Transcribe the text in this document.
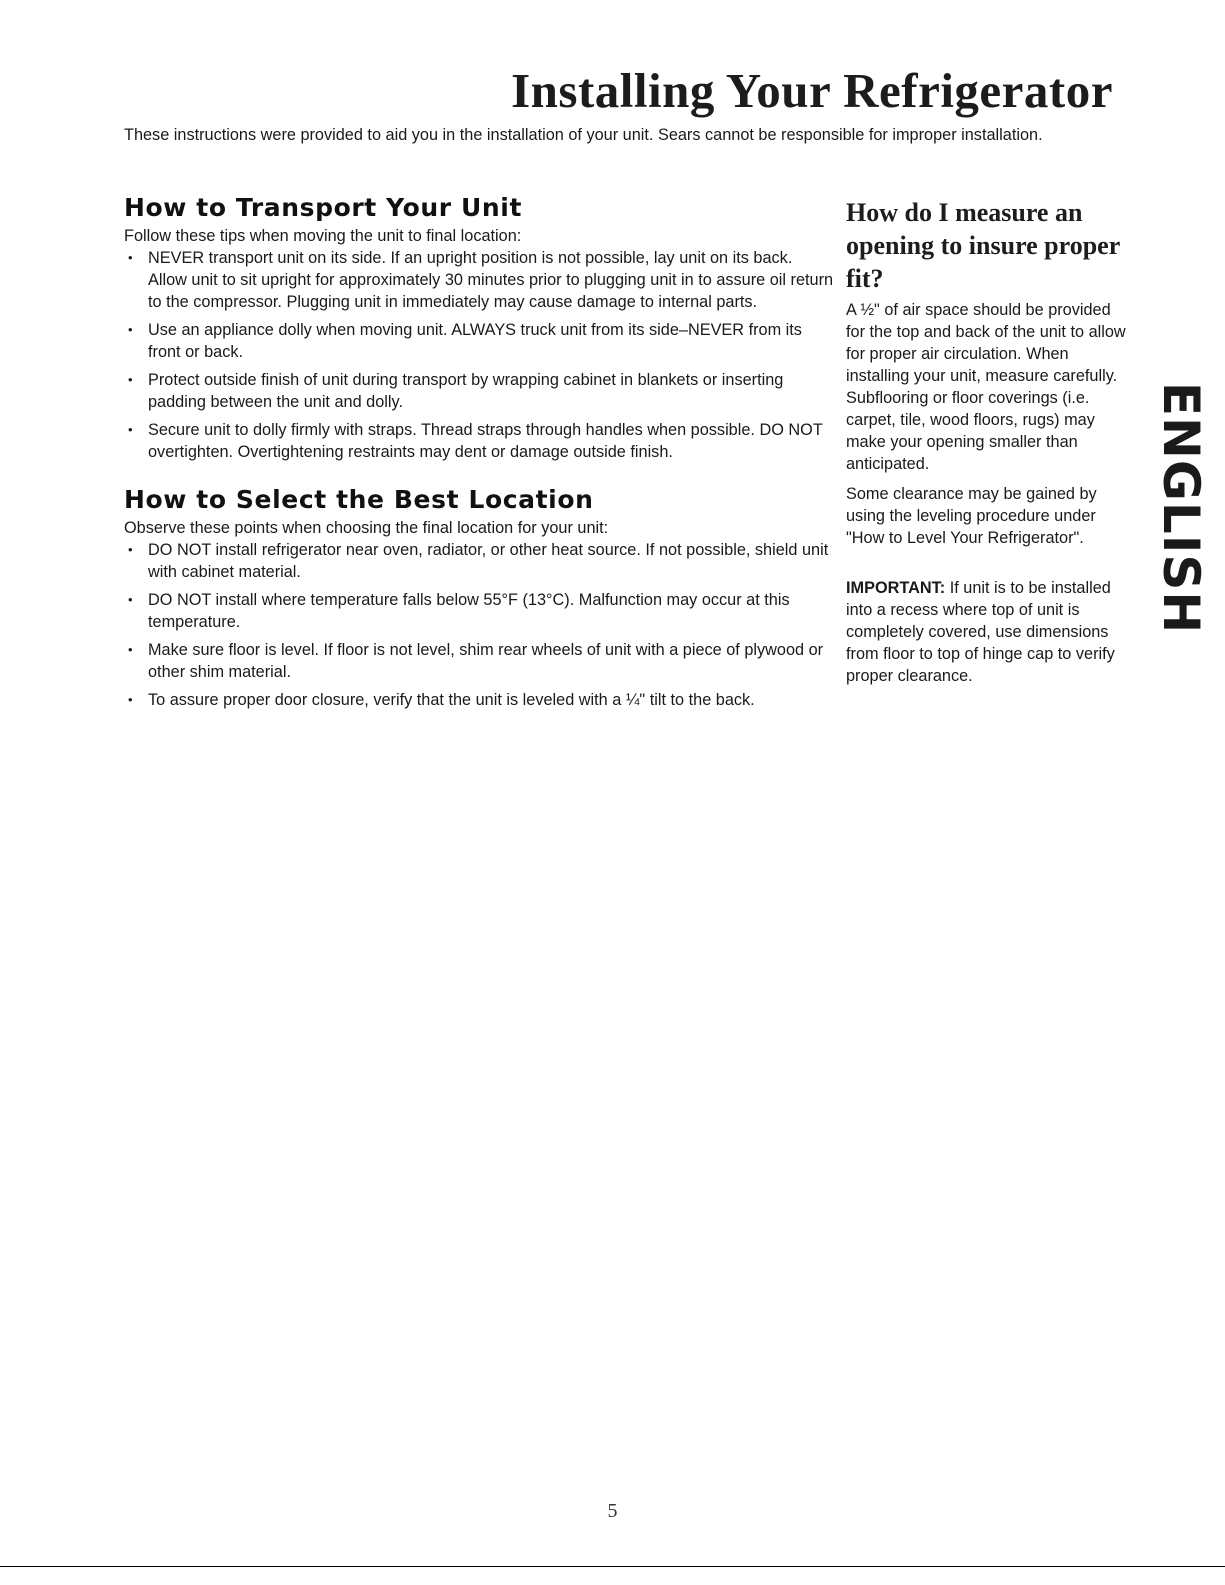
Installing Your Refrigerator

These instructions were provided to aid you in the installation of your unit. Sears cannot be responsible for improper installation.

How to Transport Your Unit

Follow these tips when moving the unit to final location:

• NEVER transport unit on its side. If an upright position is not possible, lay unit on its back. Allow unit to sit upright for approximately 30 minutes prior to plugging unit in to assure oil return to the compressor. Plugging unit in immediately may cause damage to internal parts.
• Use an appliance dolly when moving unit. ALWAYS truck unit from its side–NEVER from its front or back.
• Protect outside finish of unit during transport by wrapping cabinet in blankets or inserting padding between the unit and dolly.
• Secure unit to dolly firmly with straps. Thread straps through handles when possible. DO NOT overtighten. Overtightening restraints may dent or damage outside finish.
How to Select the Best Location

Observe these points when choosing the final location for your unit:

• DO NOT install refrigerator near oven, radiator, or other heat source. If not possible, shield unit with cabinet material.
• DO NOT install where temperature falls below 55°F (13°C). Malfunction may occur at this temperature.
• Make sure floor is level. If floor is not level, shim rear wheels of unit with a piece of plywood or other shim material.
• To assure proper door closure, verify that the unit is leveled with a ¼" tilt to the back.
How do I measure an opening to insure proper fit?

A ½" of air space should be provided for the top and back of the unit to allow for proper air circulation. When installing your unit, measure carefully. Subflooring or floor coverings (i.e. carpet, tile, wood floors, rugs) may make your opening smaller than anticipated.

Some clearance may be gained by using the leveling procedure under "How to Level Your Refrigerator".

IMPORTANT: If unit is to be installed into a recess where top of unit is completely covered, use dimensions from floor to top of hinge cap to verify proper clearance.

ENGLISH
5
